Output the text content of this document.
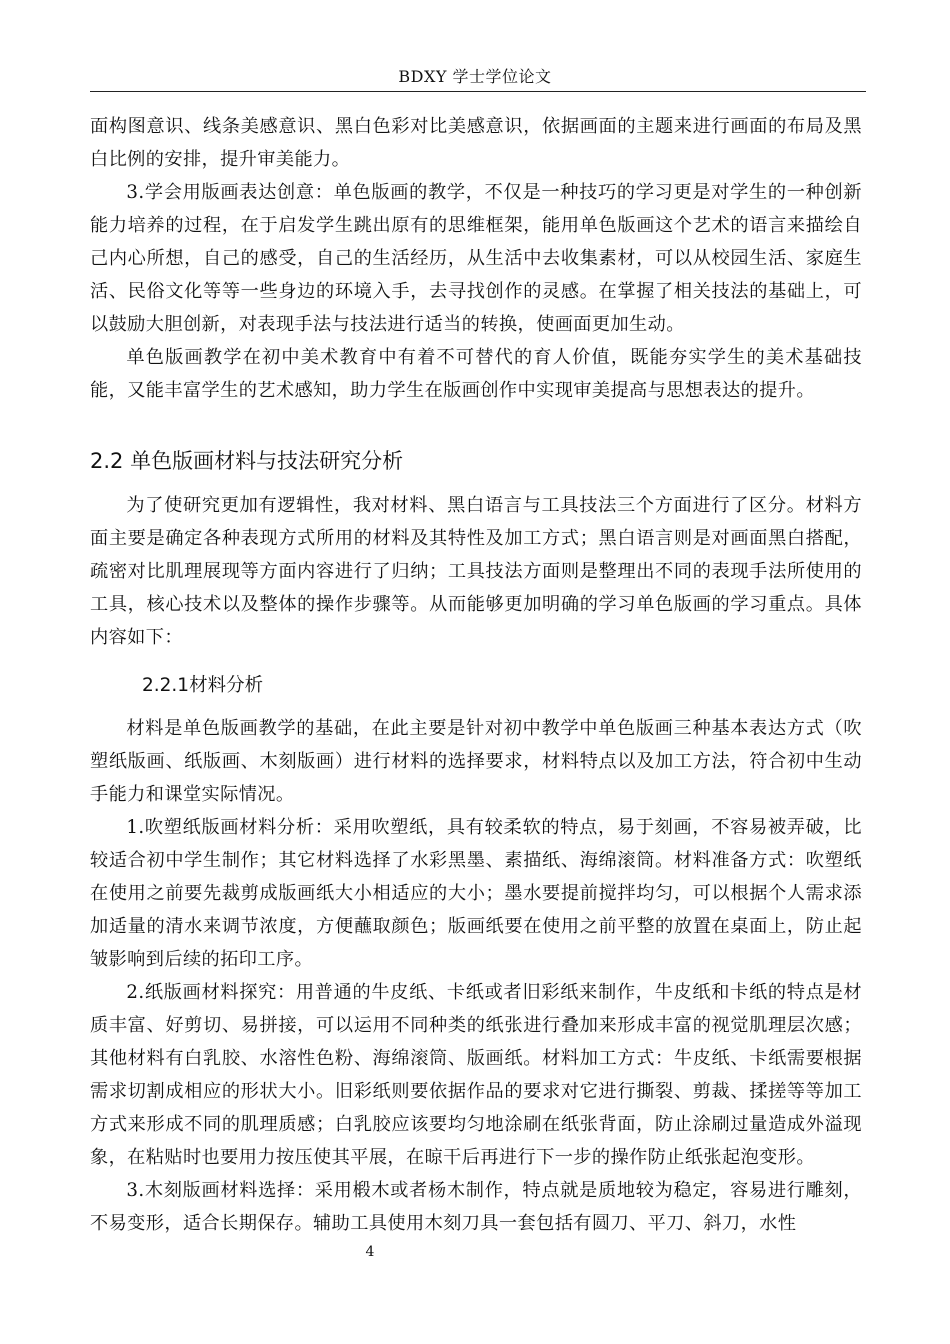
BDXY 学士学位论文

面构图意识、线条美感意识、黑白色彩对比美感意识，依据画面的主题来进行画面的布局及黑白比例的安排，提升审美能力。

3.学会用版画表达创意：单色版画的教学，不仅是一种技巧的学习更是对学生的一种创新能力培养的过程，在于启发学生跳出原有的思维框架，能用单色版画这个艺术的语言来描绘自己内心所想，自己的感受，自己的生活经历，从生活中去收集素材，可以从校园生活、家庭生活、民俗文化等等一些身边的环境入手，去寻找创作的灵感。在掌握了相关技法的基础上，可以鼓励大胆创新，对表现手法与技法进行适当的转换，使画面更加生动。

单色版画教学在初中美术教育中有着不可替代的育人价值，既能夯实学生的美术基础技能，又能丰富学生的艺术感知，助力学生在版画创作中实现审美提高与思想表达的提升。

2.2 单色版画材料与技法研究分析

为了使研究更加有逻辑性，我对材料、黑白语言与工具技法三个方面进行了区分。材料方面主要是确定各种表现方式所用的材料及其特性及加工方式；黑白语言则是对画面黑白搭配，疏密对比肌理展现等方面内容进行了归纳；工具技法方面则是整理出不同的表现手法所使用的工具，核心技术以及整体的操作步骤等。从而能够更加明确的学习单色版画的学习重点。具体内容如下：

2.2.1材料分析

材料是单色版画教学的基础，在此主要是针对初中教学中单色版画三种基本表达方式（吹塑纸版画、纸版画、木刻版画）进行材料的选择要求，材料特点以及加工方法，符合初中生动手能力和课堂实际情况。

1.吹塑纸版画材料分析：采用吹塑纸，具有较柔软的特点，易于刻画，不容易被弄破，比较适合初中学生制作；其它材料选择了水彩黑墨、素描纸、海绵滚筒。材料准备方式：吹塑纸在使用之前要先裁剪成版画纸大小相适应的大小；墨水要提前搅拌均匀，可以根据个人需求添加适量的清水来调节浓度，方便蘸取颜色；版画纸要在使用之前平整的放置在桌面上，防止起皱影响到后续的拓印工序。

2.纸版画材料探究：用普通的牛皮纸、卡纸或者旧彩纸来制作，牛皮纸和卡纸的特点是材质丰富、好剪切、易拼接，可以运用不同种类的纸张进行叠加来形成丰富的视觉肌理层次感；其他材料有白乳胶、水溶性色粉、海绵滚筒、版画纸。材料加工方式：牛皮纸、卡纸需要根据需求切割成相应的形状大小。旧彩纸则要依据作品的要求对它进行撕裂、剪裁、揉搓等等加工方式来形成不同的肌理质感；白乳胶应该要均匀地涂刷在纸张背面，防止涂刷过量造成外溢现象，在粘贴时也要用力按压使其平展，在晾干后再进行下一步的操作防止纸张起泡变形。

3.木刻版画材料选择：采用椴木或者杨木制作，特点就是质地较为稳定，容易进行雕刻，不易变形，适合长期保存。辅助工具使用木刻刀具一套包括有圆刀、平刀、斜刀，水性

4
